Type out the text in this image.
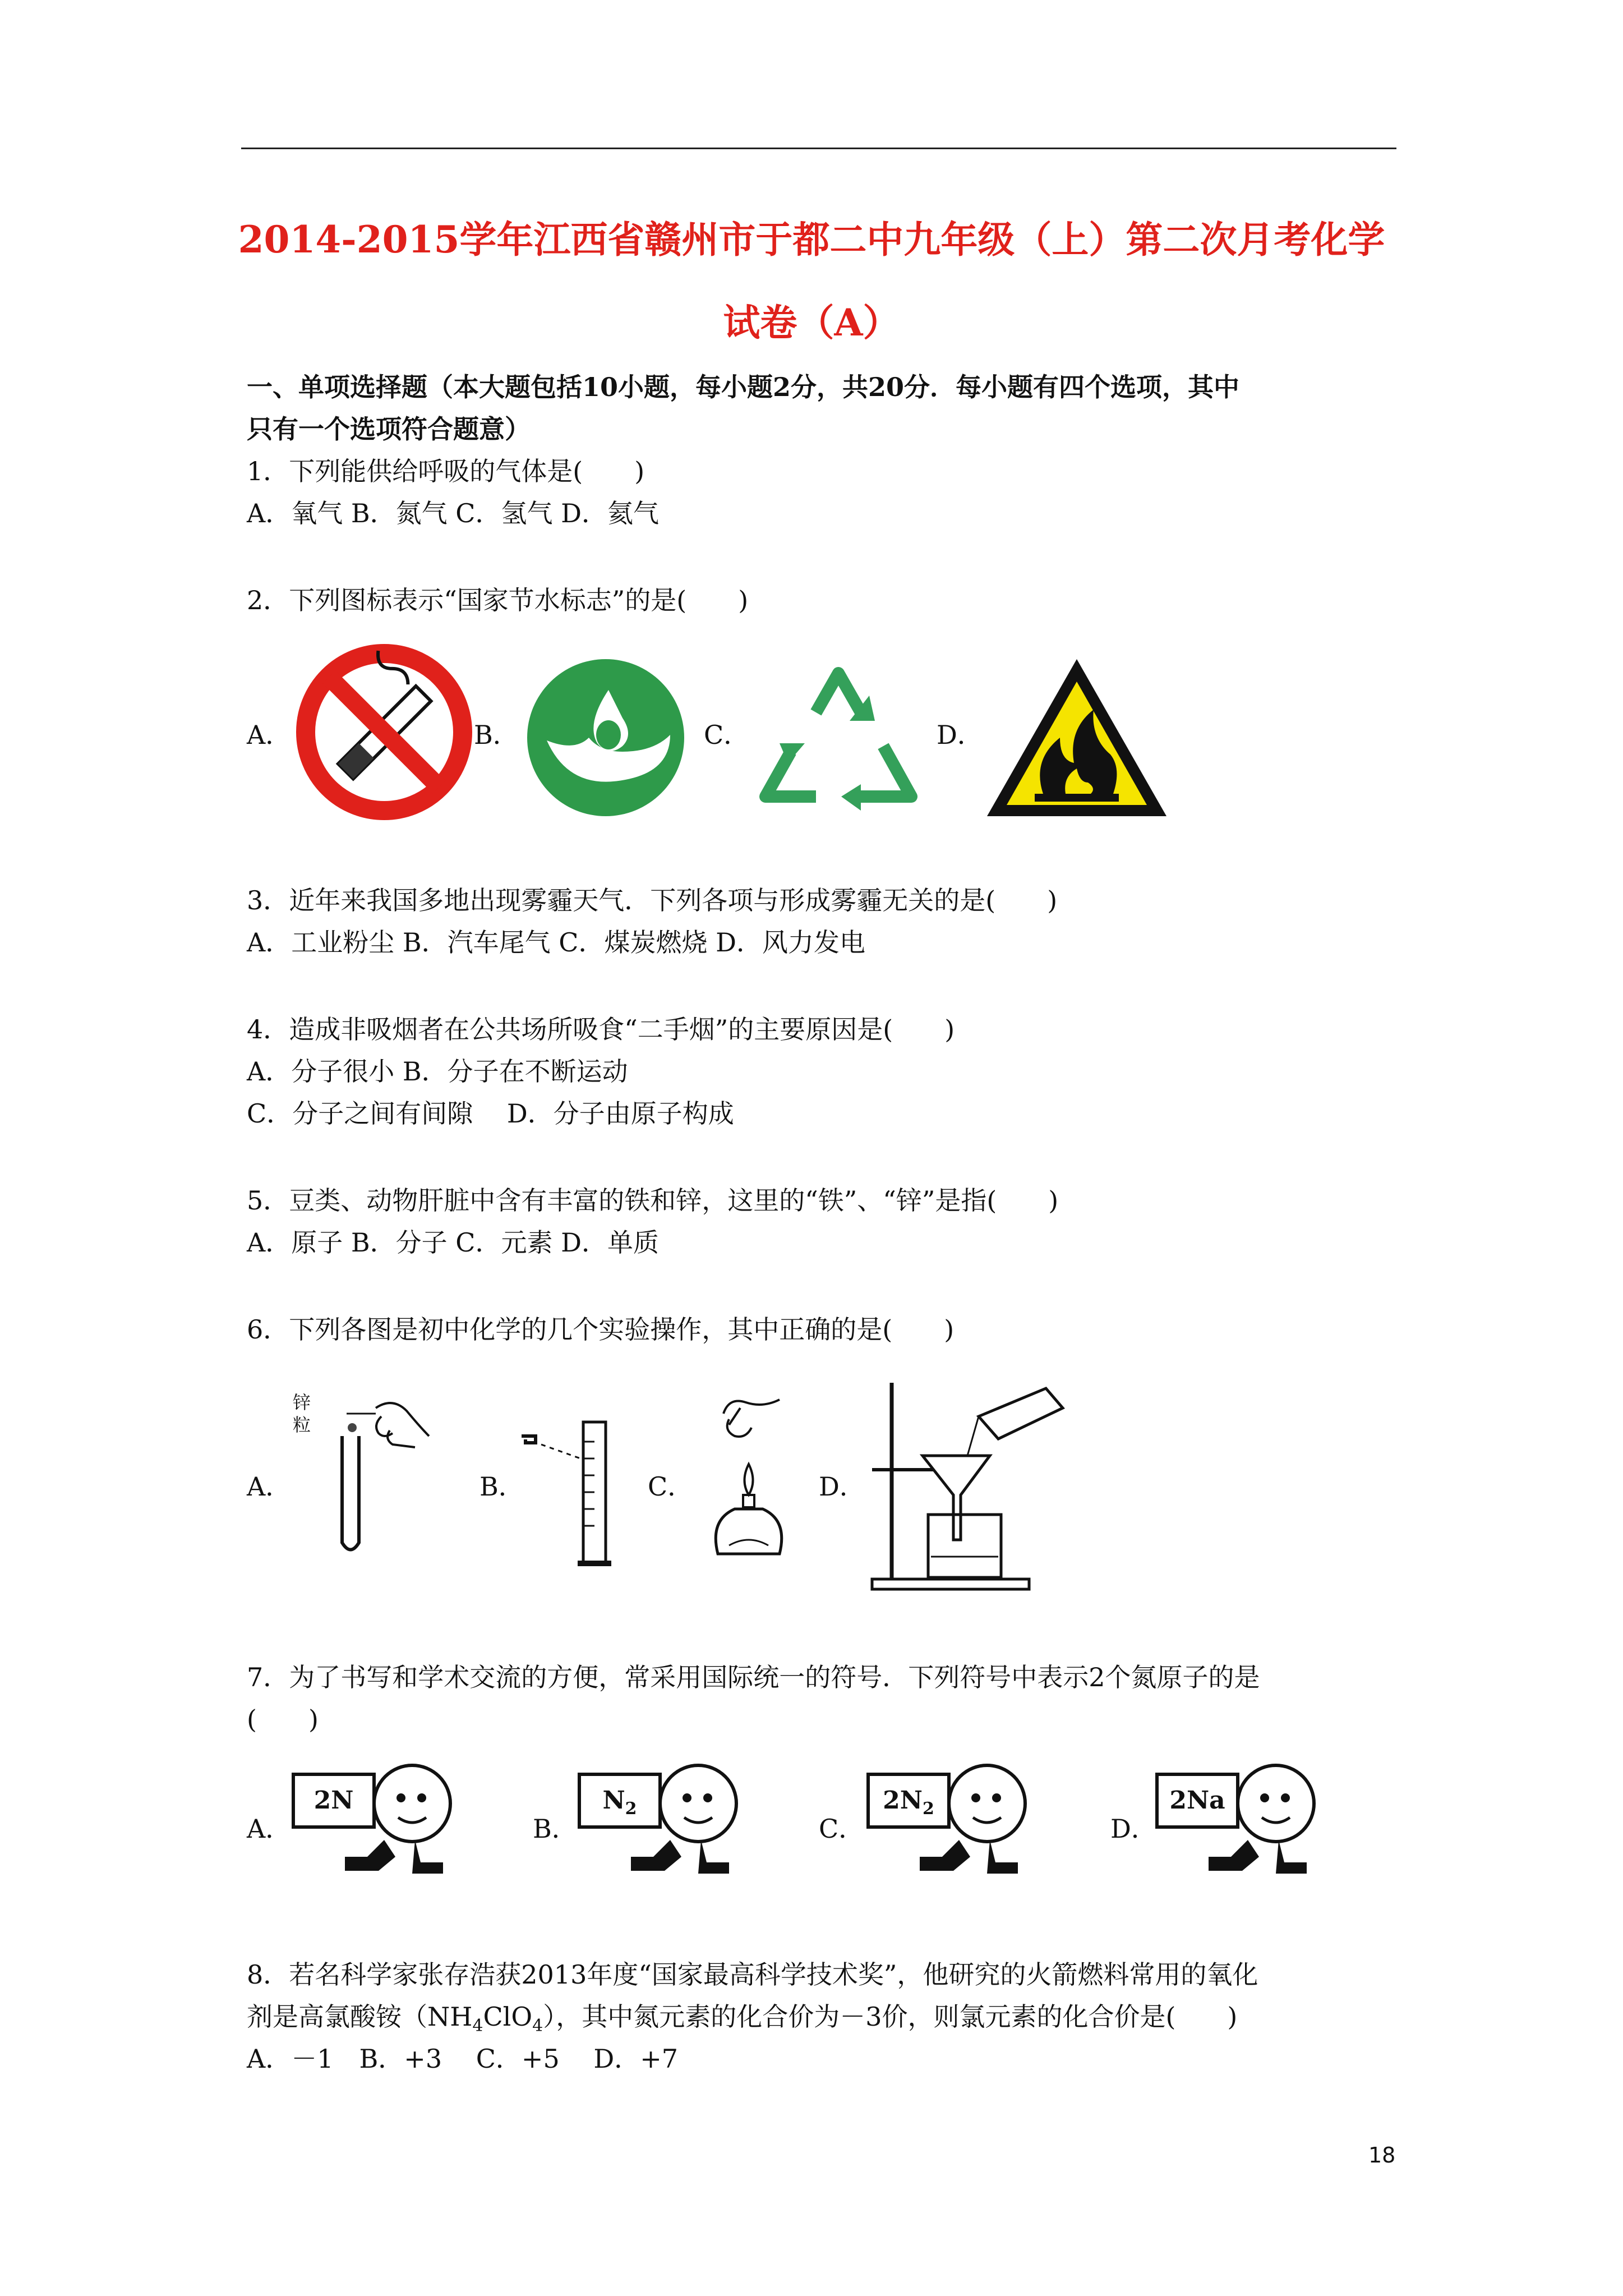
2014-2015学年江西省赣州市于都二中九年级（上）第二次月考化学
试卷（A）
一、单项选择题（本大题包括10小题，每小题2分，共20分．每小题有四个选项，其中
只有一个选项符合题意）
1．下列能供给呼吸的气体是(　　)
A．氧气 B．氮气 C．氢气 D．氦气
2．下列图标表示“国家节水标志”的是(　　)
A．	B．	C．	D．
3．近年来我国多地出现雾霾天气．下列各项与形成雾霾无关的是(　　)
A．工业粉尘 B．汽车尾气 C．煤炭燃烧 D．风力发电
4．造成非吸烟者在公共场所吸食“二手烟”的主要原因是(　　)
A．分子很小 B．分子在不断运动
C．分子之间有间隙　 D．分子由原子构成
5．豆类、动物肝脏中含有丰富的铁和锌，这里的“铁”、“锌”是指(　　)
A．原子 B．分子 C．元素 D．单质
6．下列各图是初中化学的几个实验操作，其中正确的是(　　)
A．
锌粒
B．	C．	D．
7．为了书写和学术交流的方便，常采用国际统一的符号．下列符号中表示2个氮原子的是
(　　)
A．
2N
B．
$N_2$
C．
$2N_2$
D．
2Na
8．若名科学家张存浩获2013年度“国家最高科学技术奖”，他研究的火箭燃料常用的氧化
剂是高氯酸铵$(NH_4ClO_4)$，其中氮元素的化合价为－3价，则氯元素的化合价是(　　)
A．－1　B．+3　 C．+5　 D．+7
18
